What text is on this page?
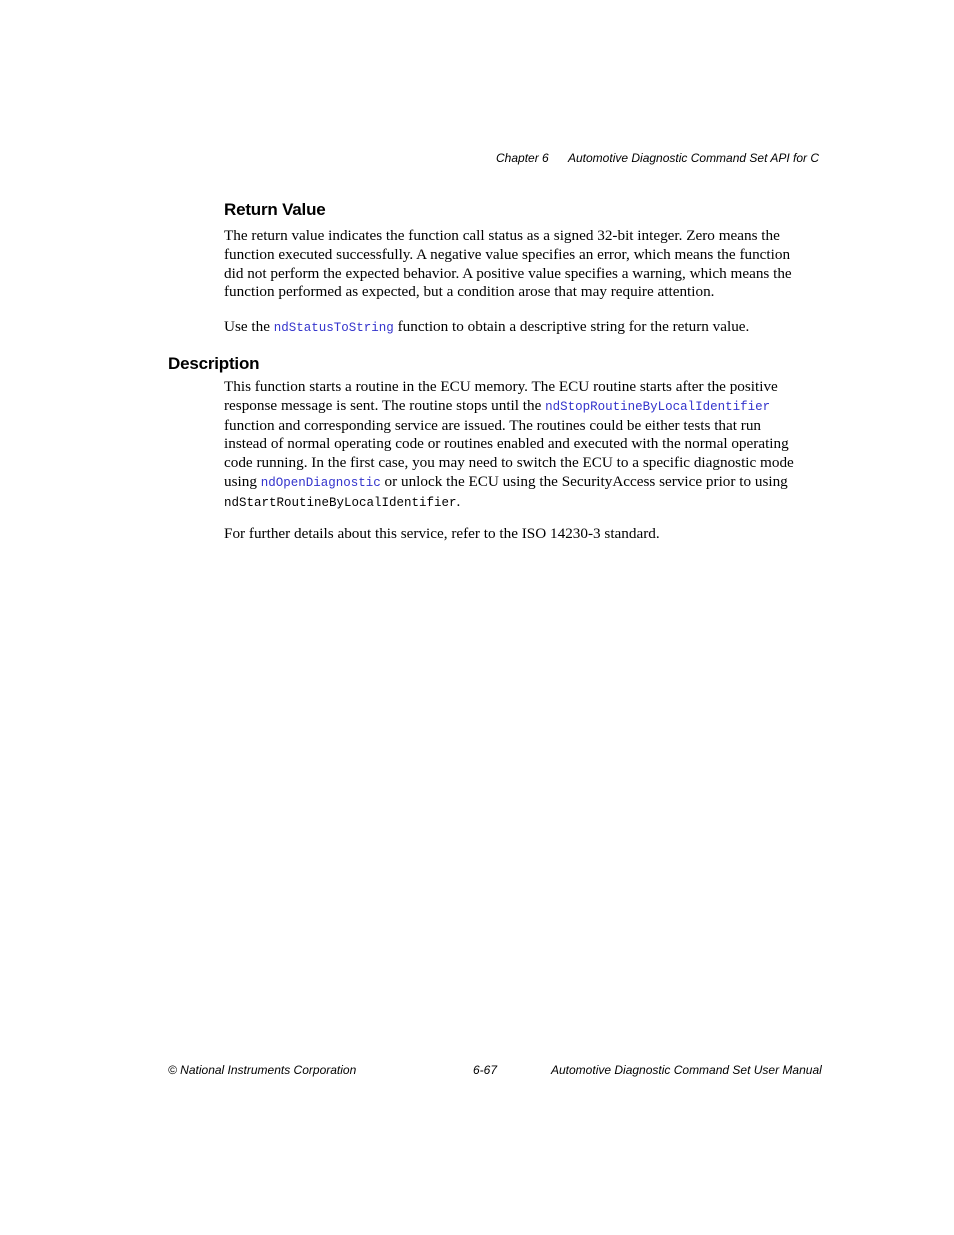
Chapter 6 Automotive Diagnostic Command Set API for C
Return Value

The return value indicates the function call status as a signed 32-bit integer. Zero means the function executed successfully. A negative value specifies an error, which means the function did not perform the expected behavior. A positive value specifies a warning, which means the function performed as expected, but a condition arose that may require attention.

Use the ndStatusToString function to obtain a descriptive string for the return value.

Description

This function starts a routine in the ECU memory. The ECU routine starts after the positive response message is sent. The routine stops until the ndStopRoutineByLocalIdentifier function and corresponding service are issued. The routines could be either tests that run instead of normal operating code or routines enabled and executed with the normal operating code running. In the first case, you may need to switch the ECU to a specific diagnostic mode using ndOpenDiagnostic or unlock the ECU using the SecurityAccess service prior to using ndStartRoutineByLocalIdentifier.

For further details about this service, refer to the ISO 14230-3 standard.

© National Instruments Corporation	6-67	Automotive Diagnostic Command Set User Manual
